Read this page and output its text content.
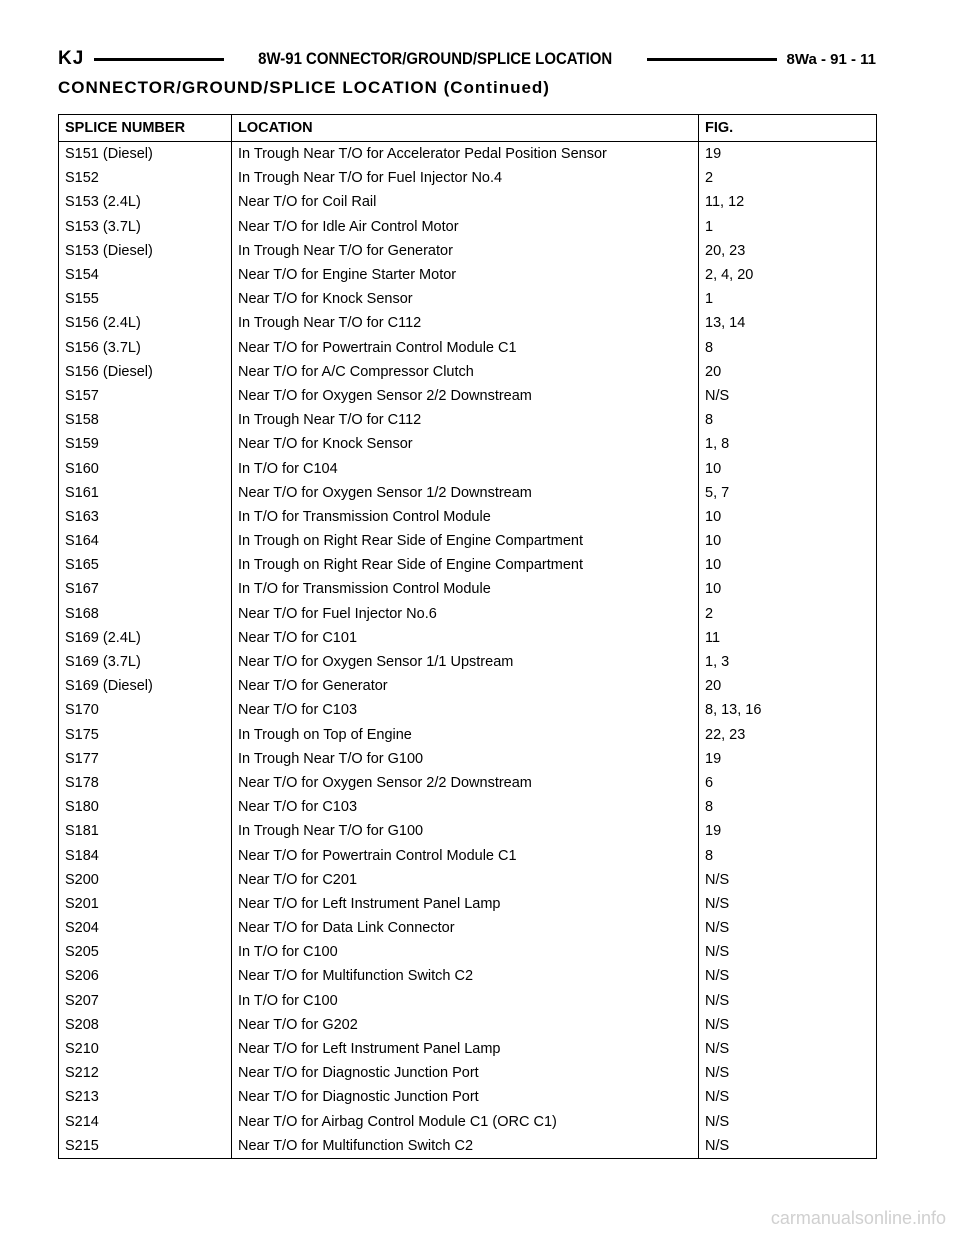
KJ	8W-91 CONNECTOR/GROUND/SPLICE LOCATION	8Wa - 91 - 11
CONNECTOR/GROUND/SPLICE LOCATION (Continued)
SPLICE NUMBER	LOCATION	FIG.
S151 (Diesel)	In Trough Near T/O for Accelerator Pedal Position Sensor	19
S152	In Trough Near T/O for Fuel Injector No.4	2
S153 (2.4L)	Near T/O for Coil Rail	11, 12
S153 (3.7L)	Near T/O for Idle Air Control Motor	1
S153 (Diesel)	In Trough Near T/O for Generator	20, 23
S154	Near T/O for Engine Starter Motor	2, 4, 20
S155	Near T/O for Knock Sensor	1
S156 (2.4L)	In Trough Near T/O for C112	13, 14
S156 (3.7L)	Near T/O for Powertrain Control Module C1	8
S156 (Diesel)	Near T/O for A/C Compressor Clutch	20
S157	Near T/O for Oxygen Sensor 2/2 Downstream	N/S
S158	In Trough Near T/O for C112	8
S159	Near T/O for Knock Sensor	1, 8
S160	In T/O for C104	10
S161	Near T/O for Oxygen Sensor 1/2 Downstream	5, 7
S163	In T/O for Transmission Control Module	10
S164	In Trough on Right Rear Side of Engine Compartment	10
S165	In Trough on Right Rear Side of Engine Compartment	10
S167	In T/O for Transmission Control Module	10
S168	Near T/O for Fuel Injector No.6	2
S169 (2.4L)	Near T/O for C101	11
S169 (3.7L)	Near T/O for Oxygen Sensor 1/1 Upstream	1, 3
S169 (Diesel)	Near T/O for Generator	20
S170	Near T/O for C103	8, 13, 16
S175	In Trough on Top of Engine	22, 23
S177	In Trough Near T/O for G100	19
S178	Near T/O for Oxygen Sensor 2/2 Downstream	6
S180	Near T/O for C103	8
S181	In Trough Near T/O for G100	19
S184	Near T/O for Powertrain Control Module C1	8
S200	Near T/O for C201	N/S
S201	Near T/O for Left Instrument Panel Lamp	N/S
S204	Near T/O for Data Link Connector	N/S
S205	In T/O for C100	N/S
S206	Near T/O for Multifunction Switch C2	N/S
S207	In T/O for C100	N/S
S208	Near T/O for G202	N/S
S210	Near T/O for Left Instrument Panel Lamp	N/S
S212	Near T/O for Diagnostic Junction Port	N/S
S213	Near T/O for Diagnostic Junction Port	N/S
S214	Near T/O for Airbag Control Module C1 (ORC C1)	N/S
S215	Near T/O for Multifunction Switch C2	N/S
carmanualsonline.info
